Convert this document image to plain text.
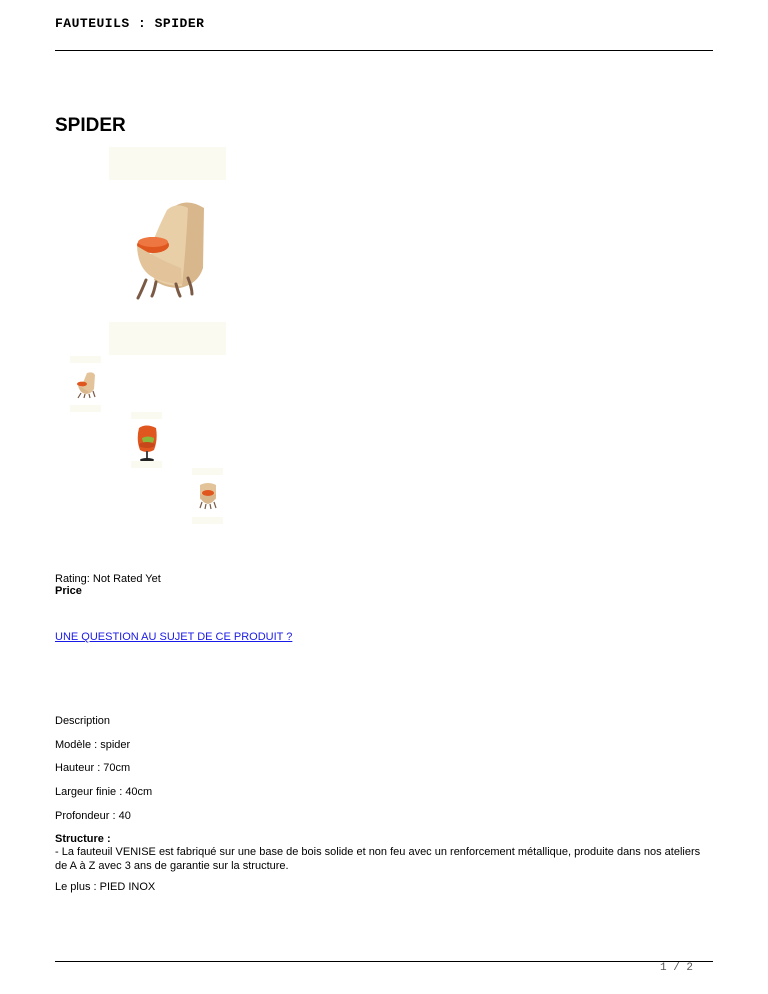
FAUTEUILS : SPIDER
SPIDER
Rating: Not Rated Yet
Price
UNE QUESTION AU SUJET DE CE PRODUIT ?
Description
Modèle : spider
Hauteur : 70cm
Largeur finie : 40cm
Profondeur : 40
Structure :
- La fauteuil VENISE est fabriqué sur une base de bois solide et non feu avec un renforcement métallique, produite dans nos ateliers de A à Z avec 3 ans de garantie sur la structure.
Le plus : PIED INOX
1 / 2
